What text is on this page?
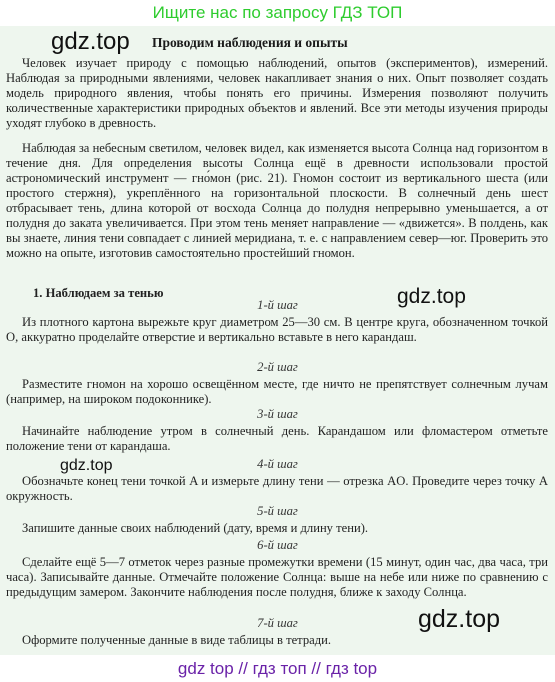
Ищите нас по запросу ГДЗ ТОП
gdz.top Проводим наблюдения и опыты

Человек изучает природу с помощью наблюдений, опытов (экспериментов), измерений. Наблюдая за природными явлениями, человек накапливает знания о них. Опыт позволяет создать модель природного явления, чтобы понять его причины. Измерения позволяют получить количественные характеристики природных объектов и явлений. Все эти методы изучения природы уходят глубоко в древность.

Наблюдая за небесным светилом, человек видел, как изменяется высота Солнца над горизонтом в течение дня. Для определения высоты Солнца ещё в древности использовали простой астрономический инструмент — гно́мон (рис. 21). Гномон состоит из вертикального шеста (или простого стержня), укреплённого на горизонтальной плоскости. В солнечный день шест отбрасывает тень, длина которой от восхода Солнца до полудня непрерывно уменьшается, а от полудня до заката увеличивается. При этом тень меняет направление — «движется». В полдень, как вы знаете, линия тени совпадает с линией меридиана, т. е. с направлением север—юг. Проверить это можно на опыте, изготовив самостоятельно простейший гномон.

1. Наблюдаем за тенью	gdz.top
1-й шаг

Из плотного картона вырежьте круг диаметром 25—30 см. В центре круга, обозначенном точкой O, аккуратно проделайте отверстие и вертикально вставьте в него карандаш.

2-й шаг

Разместите гномон на хорошо освещённом месте, где ничто не препятствует солнечным лучам (например, на широком подоконнике).

3-й шаг

Начинайте наблюдение утром в солнечный день. Карандашом или фломастером отметьте положение тени от карандаша.

gdz.top	4-й шаг

Обозначьте конец тени точкой A и измерьте длину тени — отрезка AO. Проведите через точку A окружность.

5-й шаг

Запишите данные своих наблюдений (дату, время и длину тени).

6-й шаг

Сделайте ещё 5—7 отметок через разные промежутки времени (15 минут, один час, два часа, три часа). Записывайте данные. Отмечайте положение Солнца: выше на небе или ниже по сравнению с предыдущим замером. Закончите наблюдения после полудня, ближе к заходу Солнца.

gdz.top
7-й шаг

Оформите полученные данные в виде таблицы в тетради.

gdz top // гдз топ // гдз top
